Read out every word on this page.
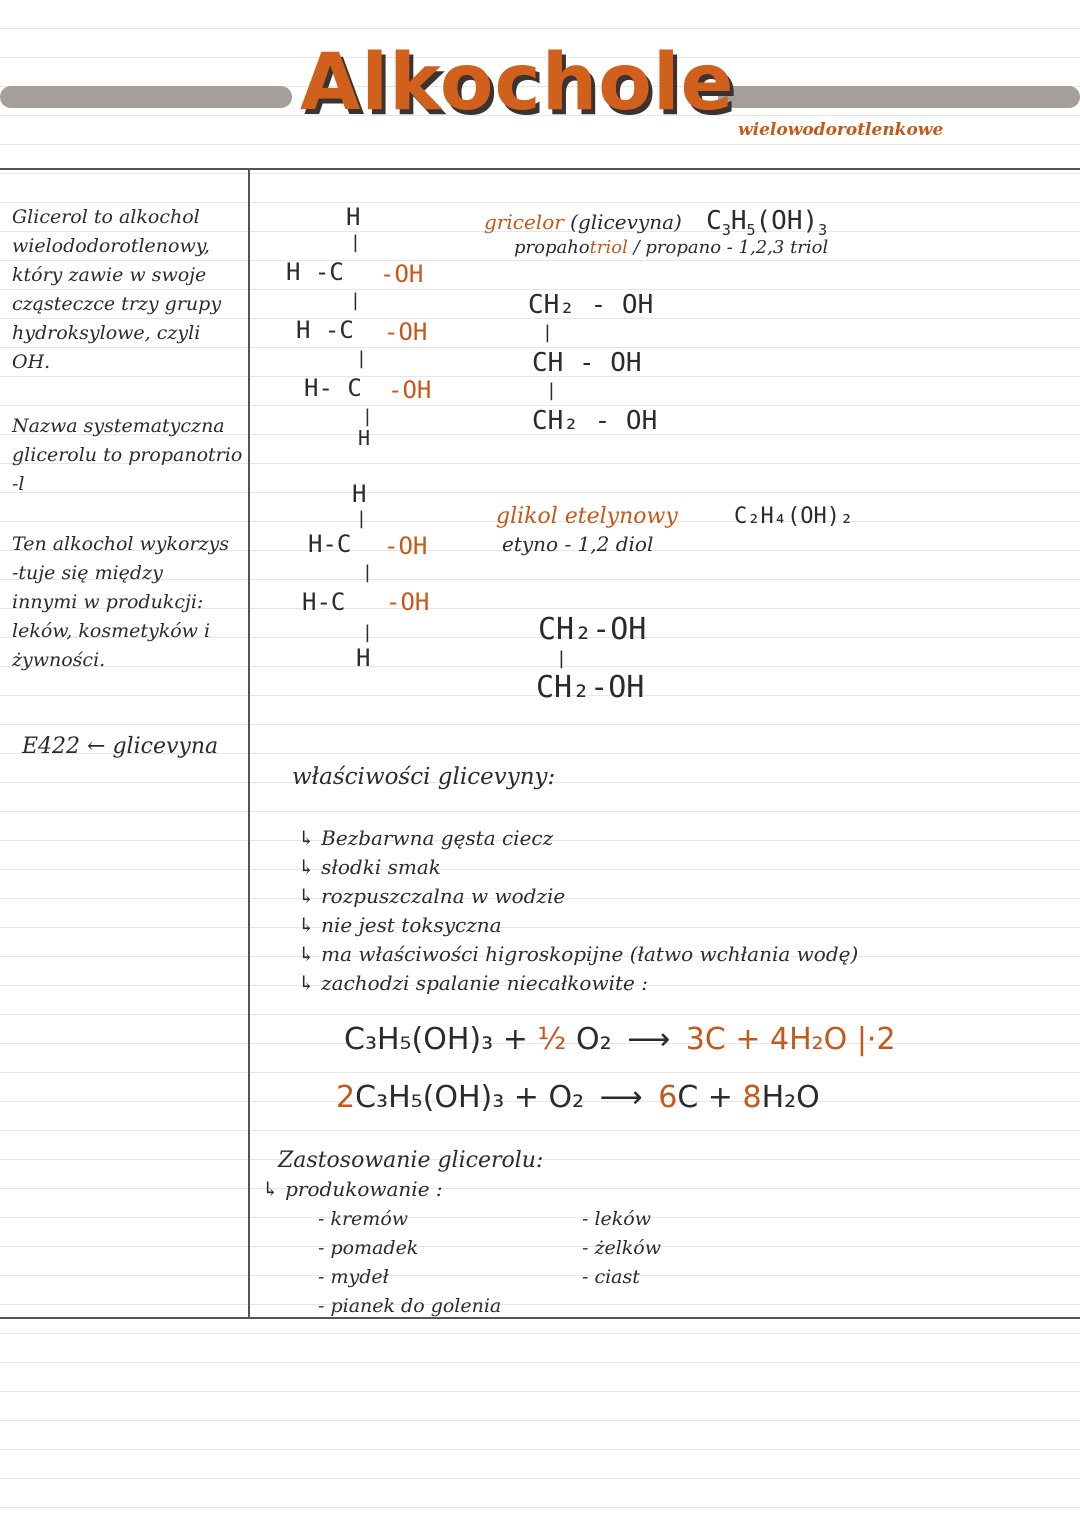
Alkochole
wielowodorotlenkowe
Glicerol to alkochol
wielododorotlenowy,
który zawie w swoje
cząsteczce trzy grupy
hydroksylowe, czyli
OH.
Nazwa systematyczna
glicerolu to propanotrio
-l
Ten alkochol wykorzys
-tuje się między
innymi w produkcji:
leków, kosmetyków i
żywności.
E422 ← glicevyna
H
|
H -C -OH
|
H -C -OH
|
H- C -OH
|
H
gricelor (glicevyna) $C_3H_5(OH)_3$
propahotriol / propano - 1,2,3 triol
CH₂ - OH
|
CH - OH
|
CH₂ - OH
H
|
H-C -OH
|
H-C -OH
|
H
glikol etelynowy	C₂H₄(OH)₂
etyno - 1,2 diol
CH₂-OH
|
CH₂-OH
właściwości glicevyny:
↳ Bezbarwna gęsta ciecz
↳ słodki smak
↳ rozpuszczalna w wodzie
↳ nie jest toksyczna
↳ ma właściwości higroskopijne (łatwo wchłania wodę)
↳ zachodzi spalanie niecałkowite :
C₃H₅(OH)₃ + ½ O₂ ⟶ 3C + 4H₂O |·2
2C₃H₅(OH)₃ + O₂ ⟶ 6C + 8H₂O
Zastosowanie glicerolu:
↳ produkowanie :
- kremów
- pomadek
- mydeł
- pianek do golenia
- leków
- żelków
- ciast
